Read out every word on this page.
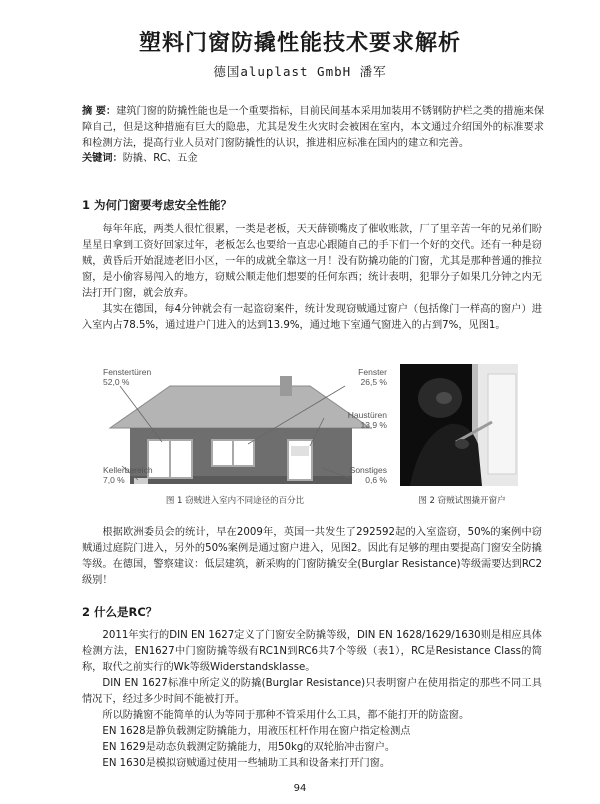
塑料门窗防撬性能技术要求解析
德国aluplast GmbH 潘军
摘 要：建筑门窗的防撬性能也是一个重要指标，目前民间基本采用加装用不锈钢防护栏之类的措施来保障自己，但是这种措施有巨大的隐患，尤其是发生火灾时会被困在室内，本文通过介绍国外的标准要求和检测方法，提高行业人员对门窗防撬性的认识，推进相应标准在国内的建立和完善。
关键词：防撬、RC、五金
1 为何门窗要考虑安全性能？

每年年底，两类人很忙很累，一类是老板，天天薛锁嘴皮了催收账款，厂了里辛苦一年的兄弟们盼星星日拿到工资好回家过年，老板怎么也要给一直忠心跟随自己的手下们一个好的交代。还有一种是窃贼，黄昏后开始混迹老旧小区，一年的成就全靠这一月！没有防撬功能的门窗，尤其是那种普通的推拉窗，是小偷容易闯入的地方，窃贼公顺走他们想要的任何东西；统计表明，犯罪分子如果几分钟之内无法打开门窗，就会放弃。

其实在德国，每4分钟就会有一起盗窃案件，统计发现窃贼通过窗户（包括像门一样高的窗户）进入室内占78.5%，通过进户门进入的达到13.9%，通过地下室通气窗进入的占到7%，见图1。

Fenstertüren
52,0 %
Fenster
26,5 %
Haustüren
13,9 %
Kellerbereich
7,0 %
Sonstiges
0,6 %
图 1 窃贼进入室内不同途径的百分比	图 2 窃贼试图撬开窗户

根据欧洲委员会的统计，早在2009年，英国一共发生了292592起的入室盗窃，50%的案例中窃贼通过庭院门进入，另外的50%案例是通过窗户进入，见图2。因此有足够的理由要提高门窗安全防撬等级。在德国，警察建议：低层建筑，新采购的门窗防撬安全(Burglar Resistance)等级需要达到RC2级别！

2 什么是RC？

2011年实行的DIN EN 1627定义了门窗安全防撬等级，DIN EN 1628/1629/1630则是相应具体检测方法，EN1627中门窗防撬等级有RC1N到RC6共7个等级（表1），RC是Resistance Class的简称，取代之前实行的Wk等级Widerstandsklasse。

DIN EN 1627标准中所定义的防撬(Burglar Resistance)只表明窗户在使用指定的那些不同工具情况下，经过多少时间不能被打开。

所以防撬窗不能简单的认为等同于那种不管采用什么工具，都不能打开的防盗窗。

EN 1628是静负载测定防撬能力，用液压杠杆作用在窗户指定检测点

EN 1629是动态负载测定防撬能力，用50kg的双轮胎冲击窗户。

EN 1630是模拟窃贼通过使用一些辅助工具和设备来打开门窗。

94
